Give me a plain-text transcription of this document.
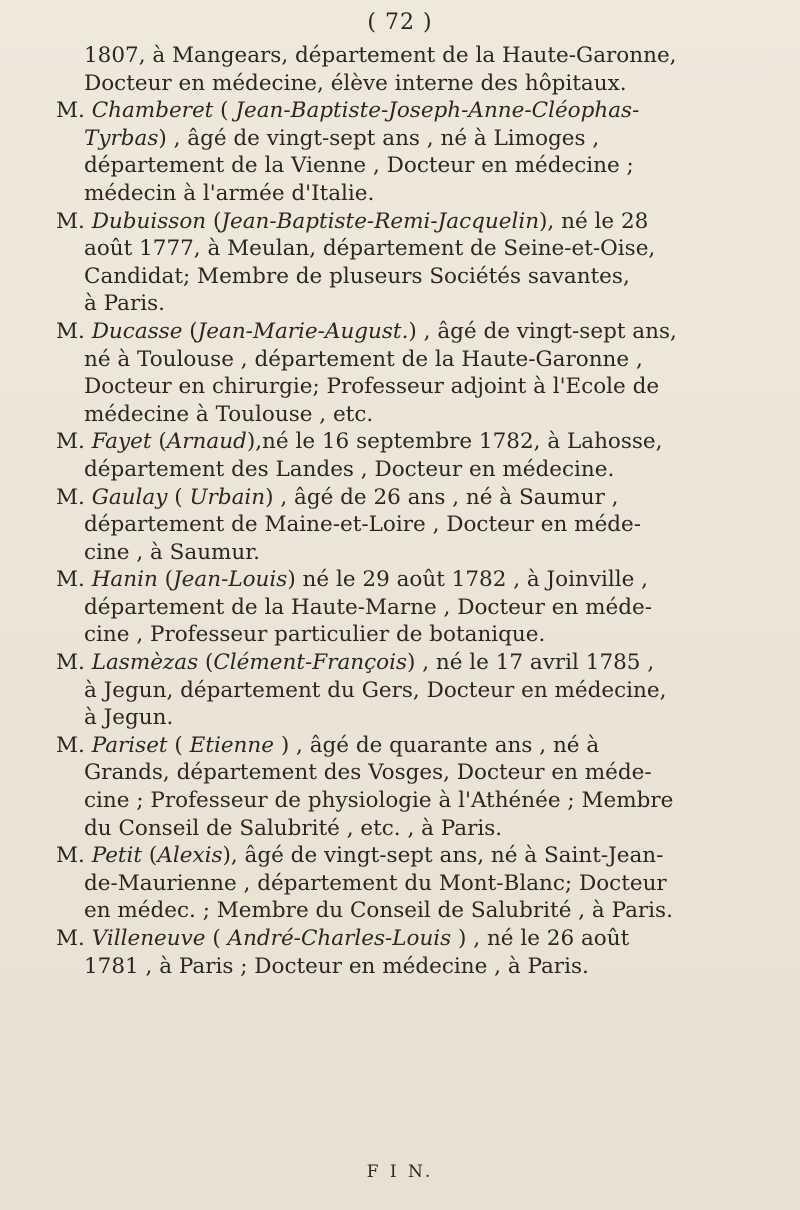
( 72 )
1807, à Mangears, département de la Haute-Garonne,
Docteur en médecine, élève interne des hôpitaux.
M. Chamberet ( Jean-Baptiste-Joseph-Anne-Cléophas-
Tyrbas) , âgé de vingt-sept ans , né à Limoges ,
département de la Vienne , Docteur en médecine ;
médecin à l'armée d'Italie.
M. Dubuisson (Jean-Baptiste-Remi-Jacquelin), né le 28
août 1777, à Meulan, département de Seine-et-Oise,
Candidat; Membre de pluseurs Sociétés savantes,
à Paris.
M. Ducasse (Jean-Marie-August.) , âgé de vingt-sept ans,
né à Toulouse , département de la Haute-Garonne ,
Docteur en chirurgie; Professeur adjoint à l'Ecole de
médecine à Toulouse , etc.
M. Fayet (Arnaud),né le 16 septembre 1782, à Lahosse,
département des Landes , Docteur en médecine.
M. Gaulay ( Urbain) , âgé de 26 ans , né à Saumur ,
département de Maine-et-Loire , Docteur en méde-
cine , à Saumur.
M. Hanin (Jean-Louis) né le 29 août 1782 , à Joinville ,
département de la Haute-Marne , Docteur en méde-
cine , Professeur particulier de botanique.
M. Lasmèzas (Clément-François) , né le 17 avril 1785 ,
à Jegun, département du Gers, Docteur en médecine,
à Jegun.
M. Pariset ( Etienne ) , âgé de quarante ans , né à
Grands, département des Vosges, Docteur en méde-
cine ; Professeur de physiologie à l'Athénée ; Membre
du Conseil de Salubrité , etc. , à Paris.
M. Petit (Alexis), âgé de vingt-sept ans, né à Saint-Jean-
de-Maurienne , département du Mont-Blanc; Docteur
en médec. ; Membre du Conseil de Salubrité , à Paris.
M. Villeneuve ( André-Charles-Louis ) , né le 26 août
1781 , à Paris ; Docteur en médecine , à Paris.
F I N.
